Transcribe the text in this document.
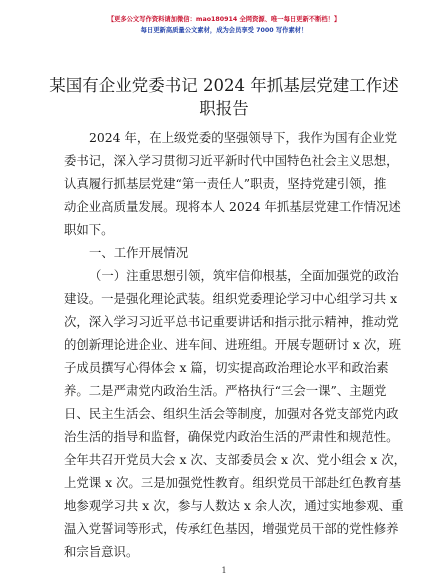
【更多公文写作资料请加微信：mao180914 全网资源、唯一每日更新不断档！】
每日更新高质量公文素材，成为会员享受 7000 写作素材！
某国有企业党委书记 2024 年抓基层党建工作述
职报告
2024 年，在上级党委的坚强领导下，我作为国有企业党
委书记，深入学习贯彻习近平新时代中国特色社会主义思想，
认真履行抓基层党建“第一责任人”职责，坚持党建引领，推
动企业高质量发展。现将本人 2024 年抓基层党建工作情况述
职如下。
一、工作开展情况
（一）注重思想引领，筑牢信仰根基，全面加强党的政治
建设。一是强化理论武装。组织党委理论学习中心组学习共 x
次，深入学习习近平总书记重要讲话和指示批示精神，推动党
的创新理论进企业、进车间、进班组。开展专题研讨 x 次，班
子成员撰写心得体会 x 篇，切实提高政治理论水平和政治素
养。二是严肃党内政治生活。严格执行“三会一课”、主题党
日、民主生活会、组织生活会等制度，加强对各党支部党内政
治生活的指导和监督，确保党内政治生活的严肃性和规范性。
全年共召开党员大会 x 次、支部委员会 x 次、党小组会 x 次，
上党课 x 次。三是加强党性教育。组织党员干部赴红色教育基
地参观学习共 x 次，参与人数达 x 余人次，通过实地参观、重
温入党誓词等形式，传承红色基因，增强党员干部的党性修养
和宗旨意识。
1
